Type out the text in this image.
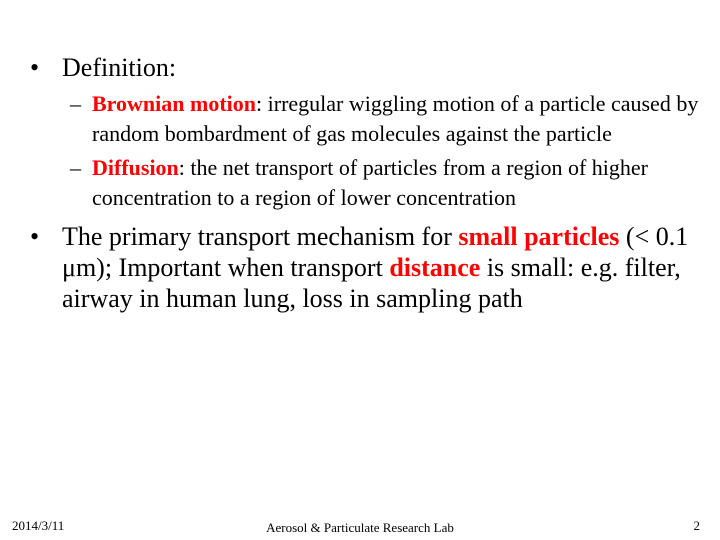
• Definition:
– Brownian motion: irregular wiggling motion of a particle caused by random bombardment of gas molecules against the particle
– Diffusion: the net transport of particles from a region of higher concentration to a region of lower concentration
• The primary transport mechanism for small particles (< 0.1 μm); Important when transport distance is small: e.g. filter, airway in human lung, loss in sampling path
2014/3/11	Aerosol & Particulate Research Lab	2
